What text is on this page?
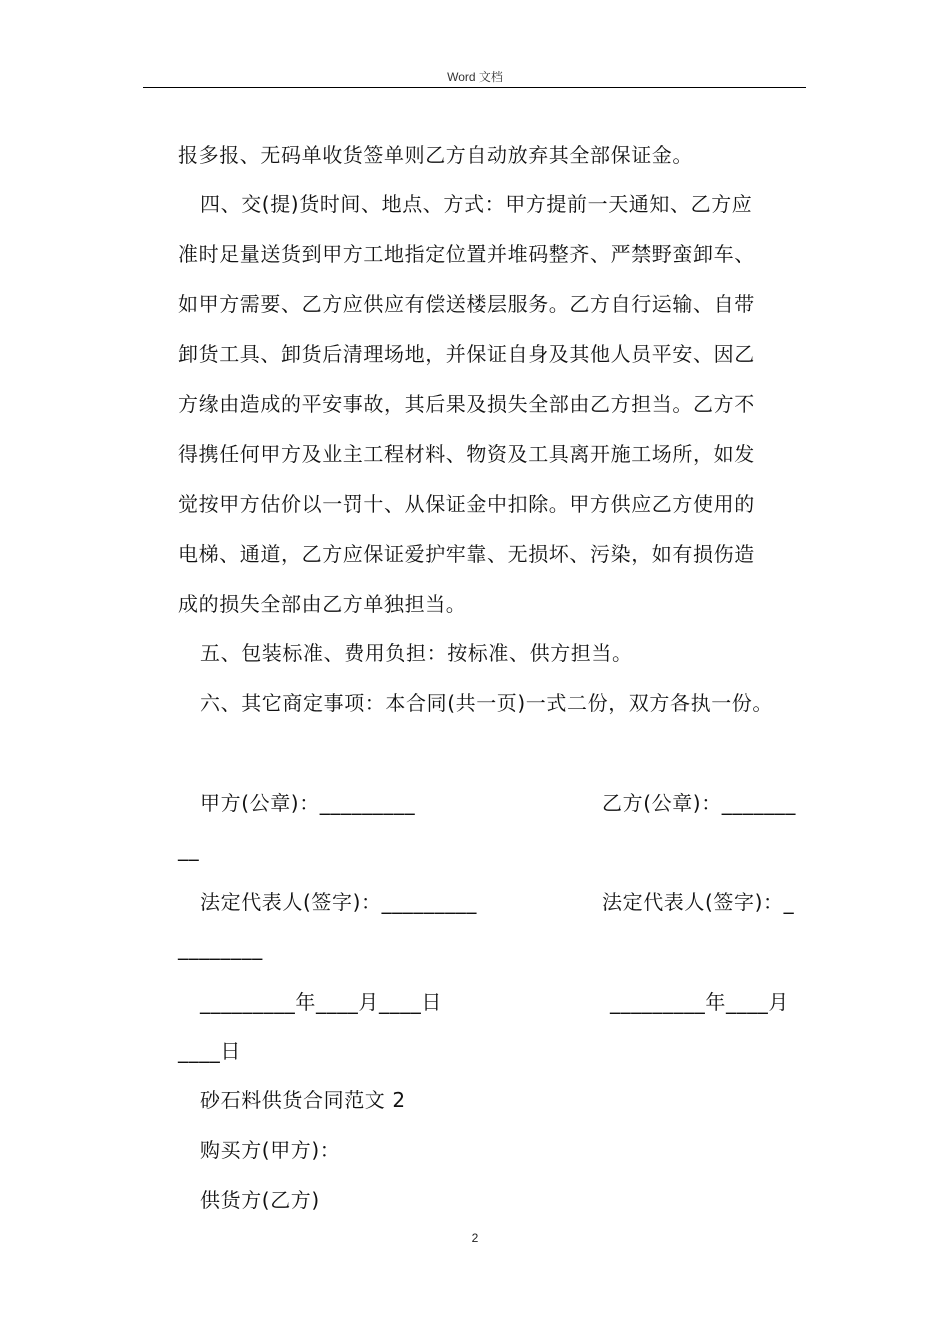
Word 文档
报多报、无码单收货签单则乙方自动放弃其全部保证金。
四、交(提)货时间、地点、方式：甲方提前一天通知、乙方应
准时足量送货到甲方工地指定位置并堆码整齐、严禁野蛮卸车、
如甲方需要、乙方应供应有偿送楼层服务。乙方自行运输、自带
卸货工具、卸货后清理场地，并保证自身及其他人员平安、因乙
方缘由造成的平安事故，其后果及损失全部由乙方担当。乙方不
得携任何甲方及业主工程材料、物资及工具离开施工场所，如发
觉按甲方估价以一罚十、从保证金中扣除。甲方供应乙方使用的
电梯、通道，乙方应保证爱护牢靠、无损坏、污染，如有损伤造
成的损失全部由乙方单独担当。
五、包装标准、费用负担：按标准、供方担当。
六、其它商定事项：本合同(共一页)一式二份，双方各执一份。
甲方(公章)：_________	乙方(公章)：_______
__
法定代表人(签字)：_________	法定代表人(签字)：_
________
_________年____月____日	_________年____月
____日
砂石料供货合同范文 2
购买方(甲方)：
供货方(乙方)
2
